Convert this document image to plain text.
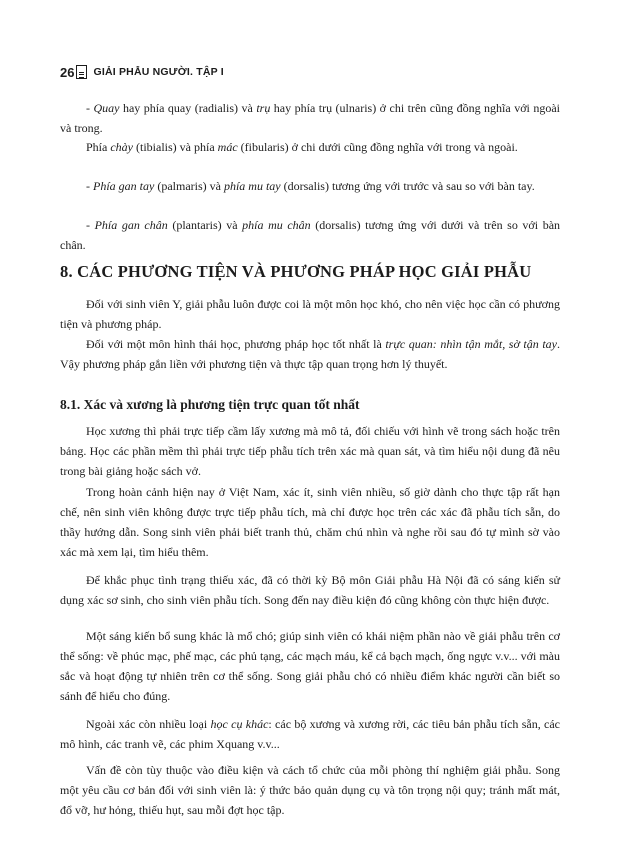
26 GIẢI PHẪU NGƯỜI. TẬP I

- Quay hay phía quay (radialis) và trụ hay phía trụ (ulnaris) ở chi trên cũng đồng nghĩa với ngoài và trong.

Phía chày (tibialis) và phía mác (fibularis) ở chi dưới cũng đồng nghĩa với trong và ngoài.

- Phía gan tay (palmaris) và phía mu tay (dorsalis) tương ứng với trước và sau so với bàn tay.

- Phía gan chân (plantaris) và phía mu chân (dorsalis) tương ứng với dưới và trên so với bàn chân.

8. CÁC PHƯƠNG TIỆN VÀ PHƯƠNG PHÁP HỌC GIẢI PHẪU

Đối với sinh viên Y, giải phẫu luôn được coi là một môn học khó, cho nên việc học cần có phương tiện và phương pháp.

Đối với một môn hình thái học, phương pháp học tốt nhất là trực quan: nhìn tận mắt, sờ tận tay. Vậy phương pháp gắn liền với phương tiện và thực tập quan trọng hơn lý thuyết.

8.1. Xác và xương là phương tiện trực quan tốt nhất

Học xương thì phải trực tiếp cầm lấy xương mà mô tả, đối chiếu với hình vẽ trong sách hoặc trên bảng. Học các phần mềm thì phải trực tiếp phẫu tích trên xác mà quan sát, và tìm hiểu nội dung đã nêu trong bài giảng hoặc sách vở.

Trong hoàn cảnh hiện nay ở Việt Nam, xác ít, sinh viên nhiều, số giờ dành cho thực tập rất hạn chế, nên sinh viên không được trực tiếp phẫu tích, mà chỉ được học trên các xác đã phẫu tích sẵn, do thầy hướng dẫn. Song sinh viên phải biết tranh thủ, chăm chú nhìn và nghe rồi sau đó tự mình sờ vào xác mà xem lại, tìm hiểu thêm.

Để khắc phục tình trạng thiếu xác, đã có thời kỳ Bộ môn Giải phẫu Hà Nội đã có sáng kiến sử dụng xác sơ sinh, cho sinh viên phẫu tích. Song đến nay điều kiện đó cũng không còn thực hiện được.

Một sáng kiến bổ sung khác là mổ chó; giúp sinh viên có khái niệm phần nào về giải phẫu trên cơ thể sống: về phúc mạc, phế mạc, các phủ tạng, các mạch máu, kể cả bạch mạch, ống ngực v.v... với màu sắc và hoạt động tự nhiên trên cơ thể sống. Song giải phẫu chó có nhiều điểm khác người cần biết so sánh để hiểu cho đúng.

Ngoài xác còn nhiều loại học cụ khác: các bộ xương và xương rời, các tiêu bản phẫu tích sẵn, các mô hình, các tranh vẽ, các phim Xquang v.v...

Vấn đề còn tùy thuộc vào điều kiện và cách tổ chức của mỗi phòng thí nghiệm giải phẫu. Song một yêu cầu cơ bản đối với sinh viên là: ý thức bảo quản dụng cụ và tôn trọng nội quy; tránh mất mát, đổ vỡ, hư hỏng, thiếu hụt, sau mỗi đợt học tập.
